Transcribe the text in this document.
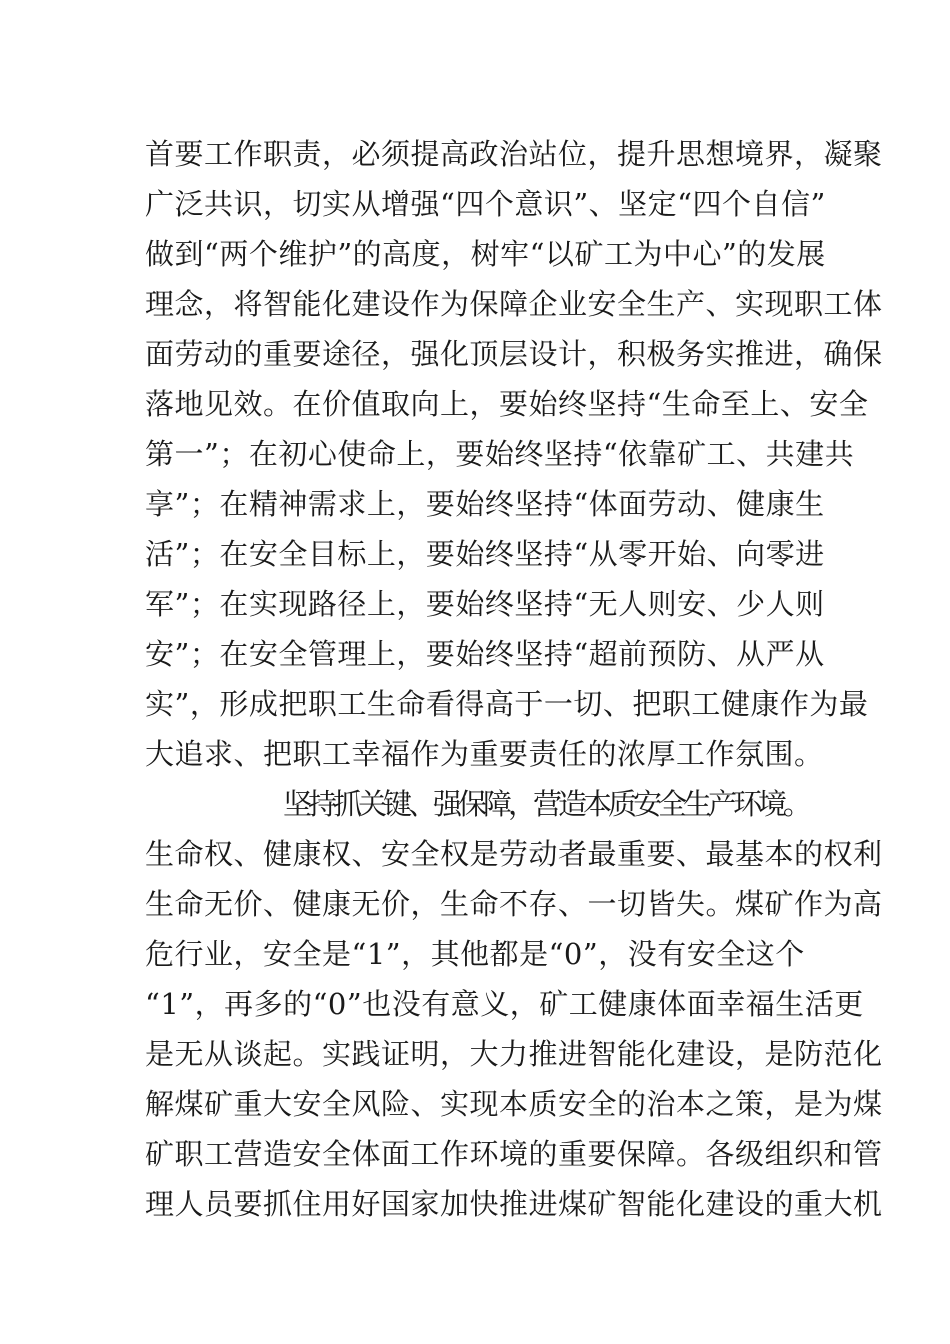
首要工作职责，必须提高政治站位，提升思想境界，凝聚
广泛共识，切实从增强“四个意识”、坚定“四个自信”
做到“两个维护”的高度，树牢“以矿工为中心”的发展
理念，将智能化建设作为保障企业安全生产、实现职工体
面劳动的重要途径，强化顶层设计，积极务实推进，确保
落地见效。在价值取向上，要始终坚持“生命至上、安全
第一”；在初心使命上，要始终坚持“依靠矿工、共建共
享”；在精神需求上，要始终坚持“体面劳动、健康生
活”；在安全目标上，要始终坚持“从零开始、向零进
军”；在实现路径上，要始终坚持“无人则安、少人则
安”；在安全管理上，要始终坚持“超前预防、从严从
实”，形成把职工生命看得高于一切、把职工健康作为最
大追求、把职工幸福作为重要责任的浓厚工作氛围。
坚持抓关键、强保障，营造本质安全生产环境。
生命权、健康权、安全权是劳动者最重要、最基本的权利
生命无价、健康无价，生命不存、一切皆失。煤矿作为高
危行业，安全是“1”，其他都是“0”，没有安全这个
“1”，再多的“0”也没有意义，矿工健康体面幸福生活更
是无从谈起。实践证明，大力推进智能化建设，是防范化
解煤矿重大安全风险、实现本质安全的治本之策，是为煤
矿职工营造安全体面工作环境的重要保障。各级组织和管
理人员要抓住用好国家加快推进煤矿智能化建设的重大机
